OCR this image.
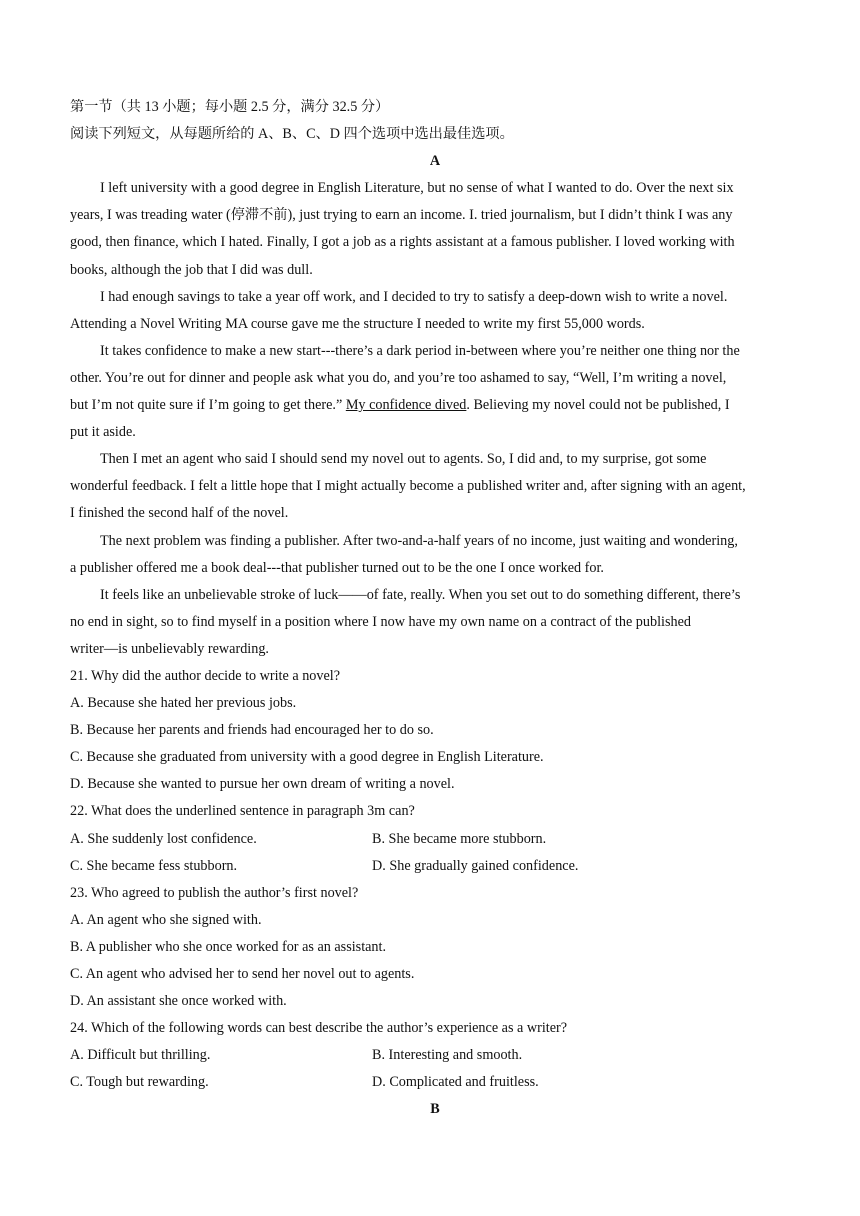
第一节（共 13 小题；每小题 2.5 分，满分 32.5 分）
阅读下列短文，从每题所给的 A、B、C、D 四个选项中选出最佳选项。
A
I left university with a good degree in English Literature, but no sense of what I wanted to do. Over the next six
years, I was treading water (停滞不前), just trying to earn an income. I. tried journalism, but I didn’t think I was any
good, then finance, which I hated. Finally, I got a job as a rights assistant at a famous publisher. I loved working with
books, although the job that I did was dull.
I had enough savings to take a year off work, and I decided to try to satisfy a deep-down wish to write a novel.
Attending a Novel Writing MA course gave me the structure I needed to write my first 55,000 words.
It takes confidence to make a new start---there’s a dark period in-between where you’re neither one thing nor the
other. You’re out for dinner and people ask what you do, and you’re too ashamed to say, “Well, I’m writing a novel,
but I’m not quite sure if I’m going to get there.” My confidence dived. Believing my novel could not be published, I
put it aside.
Then I met an agent who said I should send my novel out to agents. So, I did and, to my surprise, got some
wonderful feedback. I felt a little hope that I might actually become a published writer and, after signing with an agent,
I finished the second half of the novel.
The next problem was finding a publisher. After two-and-a-half years of no income, just waiting and wondering,
a publisher offered me a book deal---that publisher turned out to be the one I once worked for.
It feels like an unbelievable stroke of luck——of fate, really. When you set out to do something different, there’s
no end in sight, so to find myself in a position where I now have my own name on a contract of the published
writer—is unbelievably rewarding.
21. Why did the author decide to write a novel?
A. Because she hated her previous jobs.
B. Because her parents and friends had encouraged her to do so.
C. Because she graduated from university with a good degree in English Literature.
D. Because she wanted to pursue her own dream of writing a novel.
22. What does the underlined sentence in paragraph 3m can?
A. She suddenly lost confidence.	B. She became more stubborn.
C. She became fess stubborn.	D. She gradually gained confidence.
23. Who agreed to publish the author’s first novel?
A. An agent who she signed with.
B. A publisher who she once worked for as an assistant.
C. An agent who advised her to send her novel out to agents.
D. An assistant she once worked with.
24. Which of the following words can best describe the author’s experience as a writer?
A. Difficult but thrilling.	B. Interesting and smooth.
C. Tough but rewarding.	D. Complicated and fruitless.
B
